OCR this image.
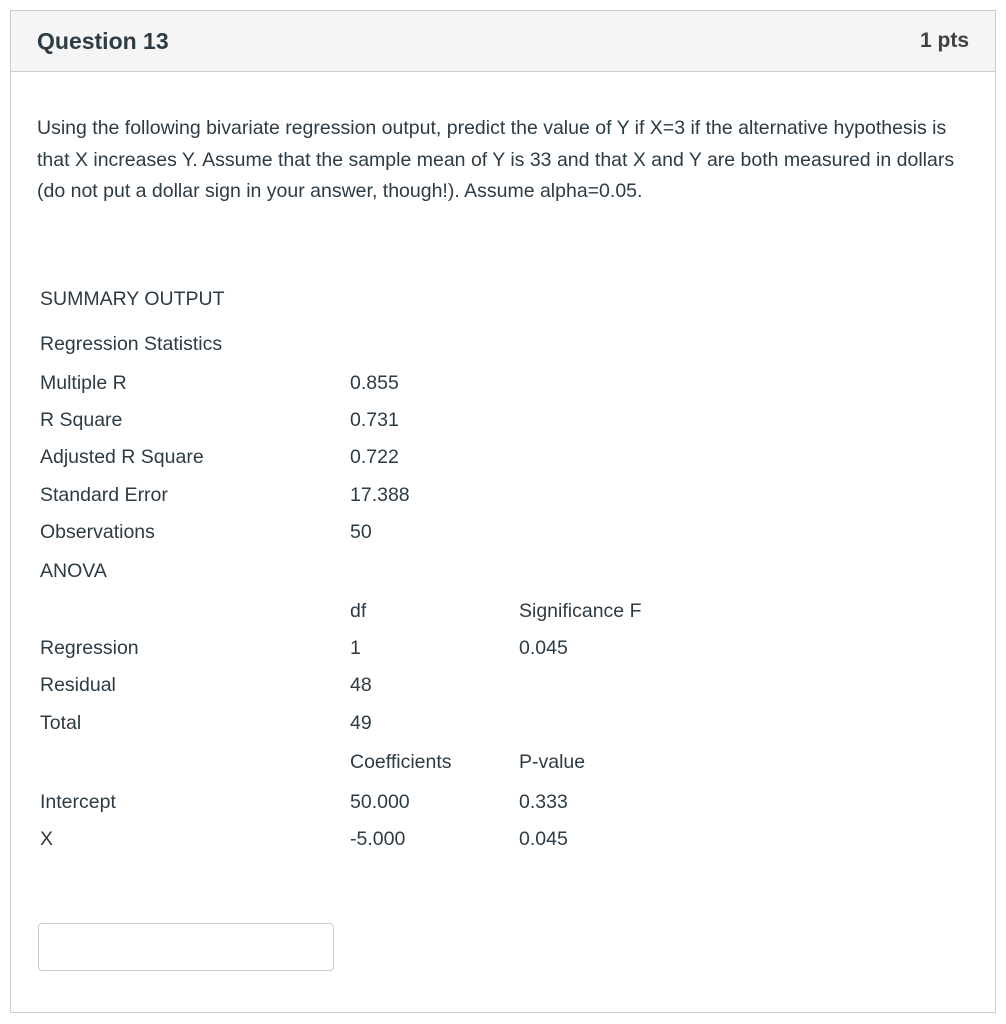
Question 13	1 pts

Using the following bivariate regression output, predict the value of Y if X=3 if the alternative hypothesis is that X increases Y. Assume that the sample mean of Y is 33 and that X and Y are both measured in dollars (do not put a dollar sign in your answer, though!). Assume alpha=0.05.

SUMMARY OUTPUT		
Regression Statistics		
Multiple R	0.855	
R Square	0.731	
Adjusted R Square	0.722	
Standard Error	17.388	
Observations	50	
ANOVA		
	df	Significance F
Regression	1	0.045
Residual	48	
Total	49	
	Coefficients	P-value
Intercept	50.000	0.333
X	-5.000	0.045
